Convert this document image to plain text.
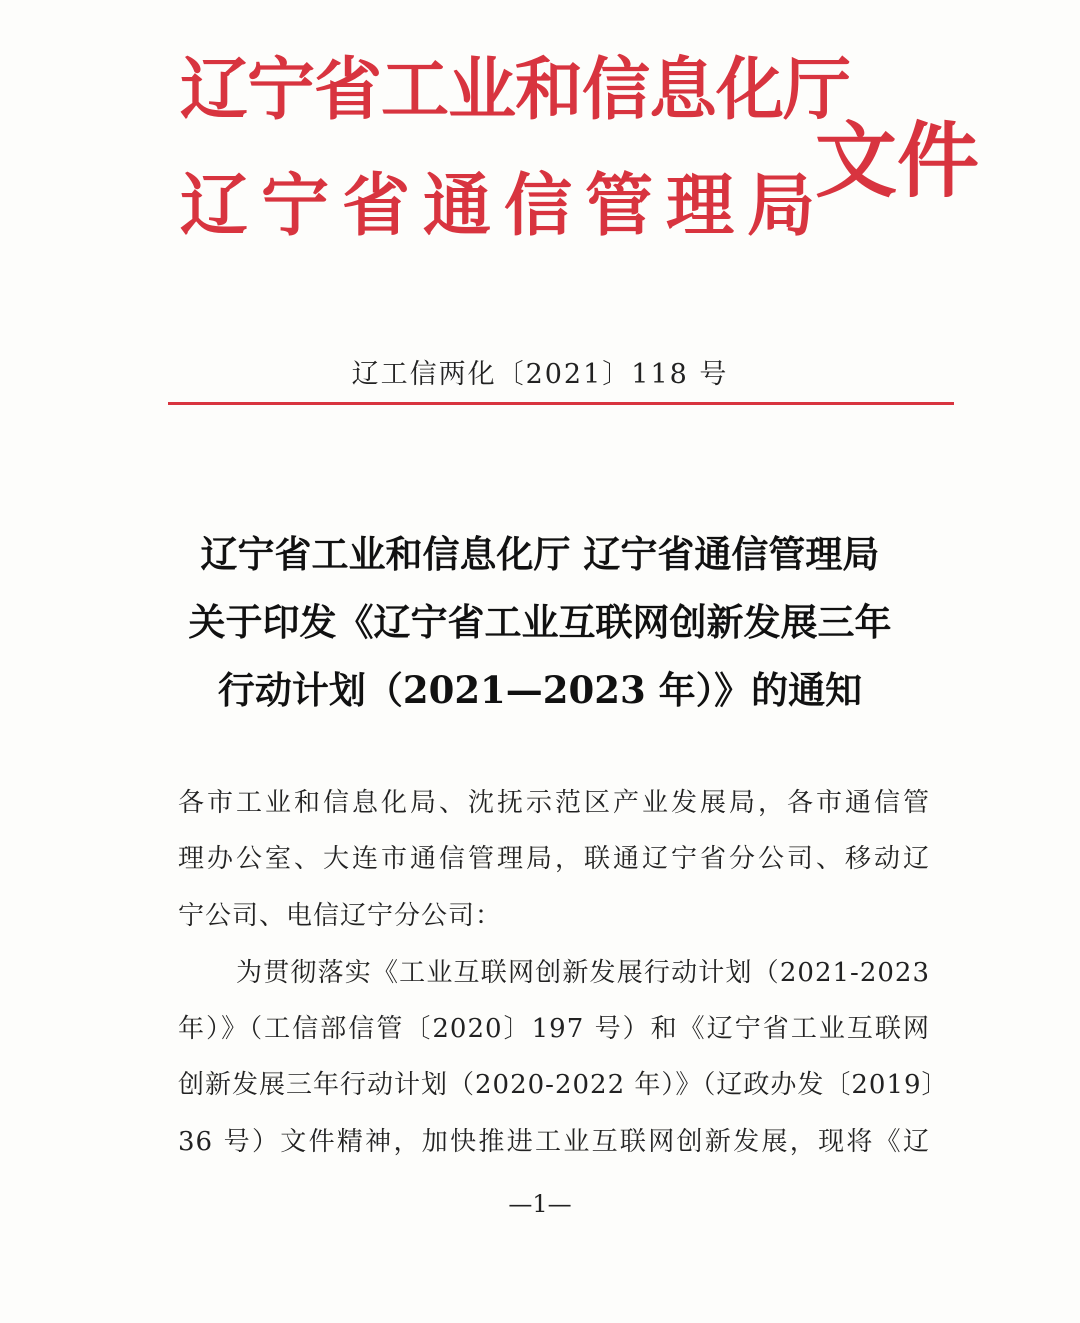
辽宁省工业和信息化厅
辽宁省通信管理局
文件
辽工信两化〔2021〕118 号
辽宁省工业和信息化厅 辽宁省通信管理局
关于印发《辽宁省工业互联网创新发展三年
行动计划（2021—2023 年）》的通知
各市工业和信息化局、沈抚示范区产业发展局，各市通信管
理办公室、大连市通信管理局，联通辽宁省分公司、移动辽
宁公司、电信辽宁分公司：
为贯彻落实《工业互联网创新发展行动计划（2021-2023
年）》（工信部信管〔2020〕197 号）和《辽宁省工业互联网
创新发展三年行动计划（2020-2022 年）》（辽政办发〔2019〕
36 号）文件精神，加快推进工业互联网创新发展，现将《辽
—1—
